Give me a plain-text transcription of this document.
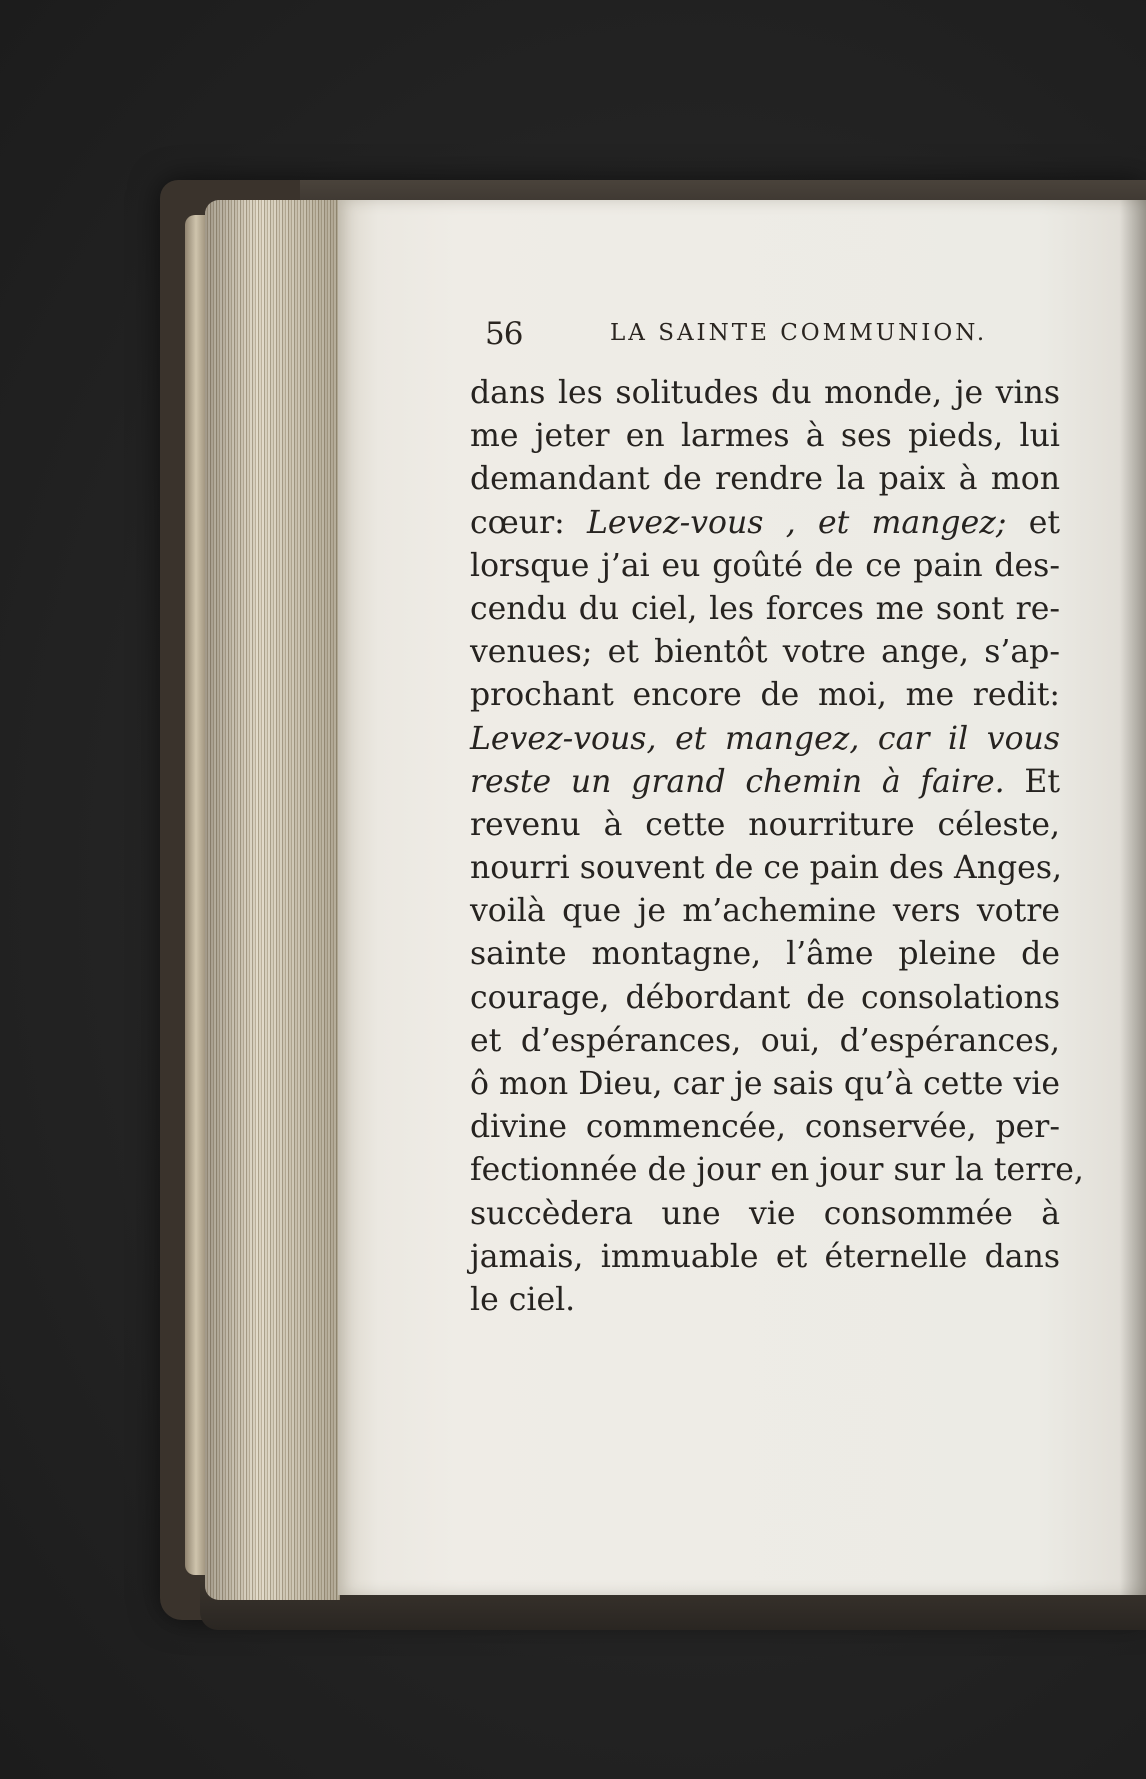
56	LA SAINTE COMMUNION.
dans les solitudes du monde, je vins
me jeter en larmes à ses pieds, lui
demandant de rendre la paix à mon
cœur: Levez-vous , et mangez; et
lorsque j’ai eu goûté de ce pain des-
cendu du ciel, les forces me sont re-
venues; et bientôt votre ange, s’ap-
prochant encore de moi, me redit:
Levez-vous, et mangez, car il vous
reste un grand chemin à faire. Et
revenu à cette nourriture céleste,
nourri souvent de ce pain des Anges,
voilà que je m’achemine vers votre
sainte montagne, l’âme pleine de
courage, débordant de consolations
et d’espérances, oui, d’espérances,
ô mon Dieu, car je sais qu’à cette vie
divine commencée, conservée, per-
fectionnée de jour en jour sur la terre,
succèdera une vie consommée à
jamais, immuable et éternelle dans
le ciel.
